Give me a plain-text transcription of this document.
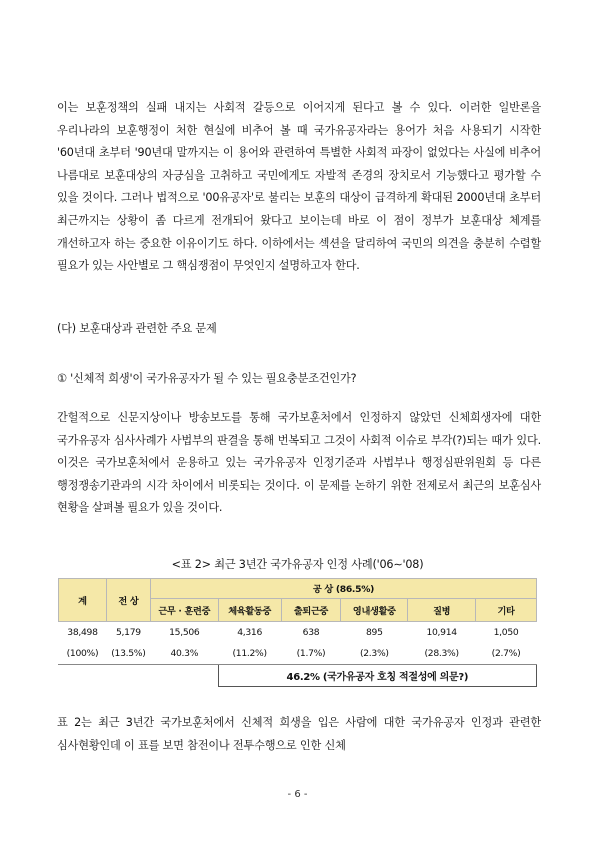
이는 보훈정책의 실패 내지는 사회적 갈등으로 이어지게 된다고 볼 수 있다. 이러한 일반론을 우리나라의 보훈행정이 처한 현실에 비추어 볼 때 국가유공자라는 용어가 처음 사용되기 시작한 '60년대 초부터 '90년대 말까지는 이 용어와 관련하여 특별한 사회적 파장이 없었다는 사실에 비추어 나름대로 보훈대상의 자긍심을 고취하고 국민에게도 자발적 존경의 장치로서 기능했다고 평가할 수 있을 것이다. 그러나 법적으로 '00유공자'로 불리는 보훈의 대상이 급격하게 확대된 2000년대 초부터 최근까지는 상황이 좀 다르게 전개되어 왔다고 보이는데 바로 이 점이 정부가 보훈대상 체계를 개선하고자 하는 중요한 이유이기도 하다. 이하에서는 섹션을 달리하여 국민의 의견을 충분히 수렴할 필요가 있는 사안별로 그 핵심쟁점이 무엇인지 설명하고자 한다.

(다) 보훈대상과 관련한 주요 문제

① '신체적 희생'이 국가유공자가 될 수 있는 필요충분조건인가?

간헐적으로 신문지상이나 방송보도를 통해 국가보훈처에서 인정하지 않았던 신체희생자에 대한 국가유공자 심사사례가 사법부의 판결을 통해 번복되고 그것이 사회적 이슈로 부각(?)되는 때가 있다. 이것은 국가보훈처에서 운용하고 있는 국가유공자 인정기준과 사법부나 행정심판위원회 등 다른 행정쟁송기관과의 시각 차이에서 비롯되는 것이다. 이 문제를 논하기 위한 전제로서 최근의 보훈심사 현황을 살펴볼 필요가 있을 것이다.

<표 2> 최근 3년간 국가유공자 인정 사례('06∼'08)
계	전 상	공 상 (86.5%)					
		근무 · 훈련중	체육활동중	출퇴근중	영내생활중	질병	기타
38,498	5,179	15,506	4,316	638	895	10,914	1,050
(100%)	(13.5%)	40.3%	(11.2%)	(1.7%)	(2.3%)	(28.3%)	(2.7%)
			46.2% (국가유공자 호칭 적절성에 의문?)				

표 2는 최근 3년간 국가보훈처에서 신체적 희생을 입은 사람에 대한 국가유공자 인정과 관련한 심사현황인데 이 표를 보면 참전이나 전투수행으로 인한 신체

- 6 -
